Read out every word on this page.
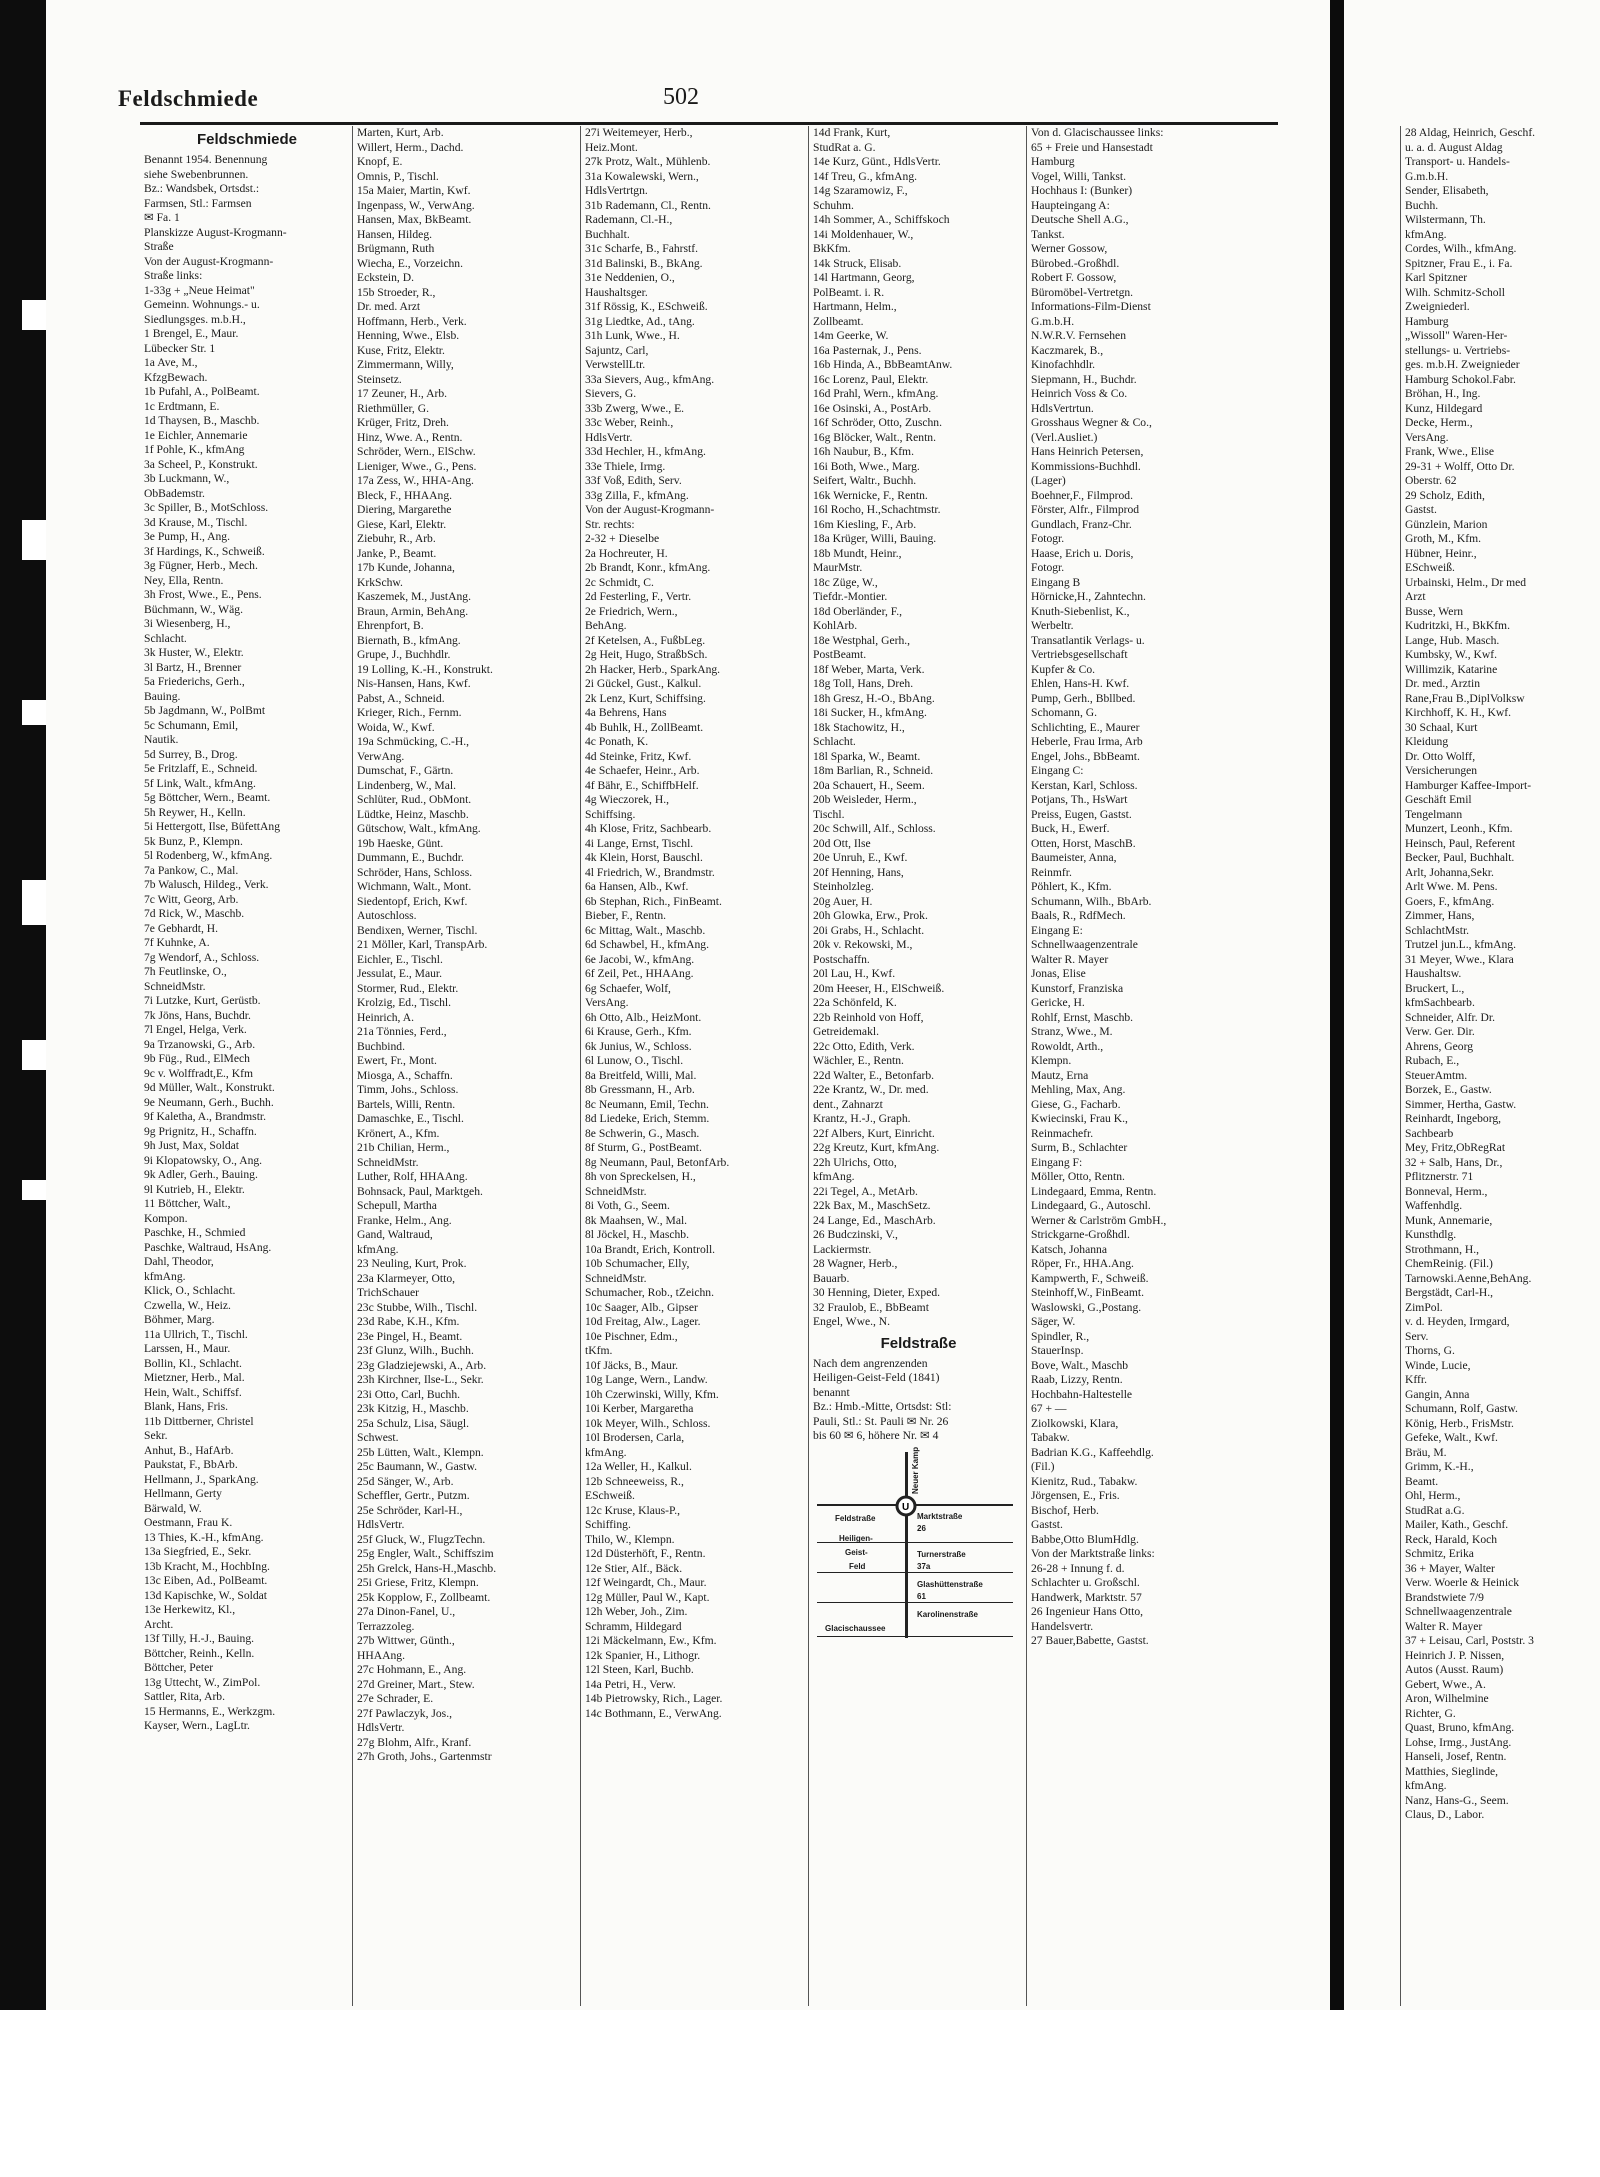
Feldschmiede	502

Feldschmiede

Benannt 1954. Benennung

siehe Swebenbrunnen.

Bz.: Wandsbek, Ortsdst.:

Farmsen, Stl.: Farmsen

✉ Fa. 1

Planskizze August-Krogmann-

Straße

Von der August-Krogmann-

Straße links:

1-33g + „Neue Heimat"

Gemeinn. Wohnungs.- u.

Siedlungsges. m.b.H.,

1 Brengel, E., Maur.

Lübecker Str. 1

1a Ave, M.,

KfzgBewach.

1b Pufahl, A., PolBeamt.

1c Erdtmann, E.

1d Thaysen, B., Maschb.

1e Eichler, Annemarie

1f Pohle, K., kfmAng

3a Scheel, P., Konstrukt.

3b Luckmann, W.,

ObBademstr.

3c Spiller, B., MotSchloss.

3d Krause, M., Tischl.

3e Pump, H., Ang.

3f Hardings, K., Schweiß.

3g Fügner, Herb., Mech.

Ney, Ella, Rentn.

3h Frost, Wwe., E., Pens.

Büchmann, W., Wäg.

3i Wiesenberg, H.,

Schlacht.

3k Huster, W., Elektr.

3l Bartz, H., Brenner

5a Friederichs, Gerh.,

Bauing.

5b Jagdmann, W., PolBmt

5c Schumann, Emil,

Nautik.

5d Surrey, B., Drog.

5e Fritzlaff, E., Schneid.

5f Link, Walt., kfmAng.

5g Böttcher, Wern., Beamt.

5h Reywer, H., Kelln.

5i Hettergott, Ilse, BüfettAng

5k Bunz, P., Klempn.

5l Rodenberg, W., kfmAng.

7a Pankow, C., Mal.

7b Walusch, Hildeg., Verk.

7c Witt, Georg, Arb.

7d Rick, W., Maschb.

7e Gebhardt, H.

7f Kuhnke, A.

7g Wendorf, A., Schloss.

7h Feutlinske, O.,

SchneidMstr.

7i Lutzke, Kurt, Gerüstb.

7k Jöns, Hans, Buchdr.

7l Engel, Helga, Verk.

9a Trzanowski, G., Arb.

9b Füg., Rud., ElMech

9c v. Wolffradt,E., Kfm

9d Müller, Walt., Konstrukt.

9e Neumann, Gerh., Buchh.

9f Kaletha, A., Brandmstr.

9g Prignitz, H., Schaffn.

9h Just, Max, Soldat

9i Klopatowsky, O., Ang.

9k Adler, Gerh., Bauing.

9l Kutrieb, H., Elektr.

11 Böttcher, Walt.,

Kompon.

Paschke, H., Schmied

Paschke, Waltraud, HsAng.

Dahl, Theodor,

kfmAng.

Klick, O., Schlacht.

Czwella, W., Heiz.

Böhmer, Marg.

11a Ullrich, T., Tischl.

Larssen, H., Maur.

Bollin, Kl., Schlacht.

Mietzner, Herb., Mal.

Hein, Walt., Schiffsf.

Blank, Hans, Fris.

11b Dittberner, Christel

Sekr.

Anhut, B., HafArb.

Paukstat, F., BbArb.

Hellmann, J., SparkAng.

Hellmann, Gerty

Bärwald, W.

Oestmann, Frau K.

13 Thies, K.-H., kfmAng.

13a Siegfried, E., Sekr.

13b Kracht, M., HochbIng.

13c Eiben, Ad., PolBeamt.

13d Kapischke, W., Soldat

13e Herkewitz, Kl.,

Archt.

13f Tilly, H.-J., Bauing.

Böttcher, Reinh., Kelln.

Böttcher, Peter

13g Uttecht, W., ZimPol.

Sattler, Rita, Arb.

15 Hermanns, E., Werkzgm.

Kayser, Wern., LagLtr.

Marten, Kurt, Arb.

Willert, Herm., Dachd.

Knopf, E.

Omnis, P., Tischl.

15a Maier, Martin, Kwf.

Ingenpass, W., VerwAng.

Hansen, Max, BkBeamt.

Hansen, Hildeg.

Brügmann, Ruth

Wiecha, E., Vorzeichn.

Eckstein, D.

15b Stroeder, R.,

Dr. med. Arzt

Hoffmann, Herb., Verk.

Henning, Wwe., Elsb.

Kuse, Fritz, Elektr.

Zimmermann, Willy,

Steinsetz.

17 Zeuner, H., Arb.

Riethmüller, G.

Krüger, Fritz, Dreh.

Hinz, Wwe. A., Rentn.

Schröder, Wern., ElSchw.

Lieniger, Wwe., G., Pens.

17a Zess, W., HHA-Ang.

Bleck, F., HHAAng.

Diering, Margarethe

Giese, Karl, Elektr.

Ziebuhr, R., Arb.

Janke, P., Beamt.

17b Kunde, Johanna,

KrkSchw.

Kaszemek, M., JustAng.

Braun, Armin, BehAng.

Ehrenpfort, B.

Biernath, B., kfmAng.

Grupe, J., Buchhdlr.

19 Lolling, K.-H., Konstrukt.

Nis-Hansen, Hans, Kwf.

Pabst, A., Schneid.

Krieger, Rich., Fernm.

Woida, W., Kwf.

19a Schmücking, C.-H.,

VerwAng.

Dumschat, F., Gärtn.

Lindenberg, W., Mal.

Schlüter, Rud., ObMont.

Lüdtke, Heinz, Maschb.

Gütschow, Walt., kfmAng.

19b Haeske, Günt.

Dummann, E., Buchdr.

Schröder, Hans, Schloss.

Wichmann, Walt., Mont.

Siedentopf, Erich, Kwf.

Autoschloss.

Bendixen, Werner, Tischl.

21 Möller, Karl, TranspArb.

Eichler, E., Tischl.

Jessulat, E., Maur.

Stormer, Rud., Elektr.

Krolzig, Ed., Tischl.

Heinrich, A.

21a Tönnies, Ferd.,

Buchbind.

Ewert, Fr., Mont.

Miosga, A., Schaffn.

Timm, Johs., Schloss.

Bartels, Willi, Rentn.

Damaschke, E., Tischl.

Krönert, A., Kfm.

21b Chilian, Herm.,

SchneidMstr.

Luther, Rolf, HHAAng.

Bohnsack, Paul, Marktgeh.

Schepull, Martha

Franke, Helm., Ang.

Gand, Waltraud,

kfmAng.

23 Neuling, Kurt, Prok.

23a Klarmeyer, Otto,

TrichSchauer

23c Stubbe, Wilh., Tischl.

23d Rabe, K.H., Kfm.

23e Pingel, H., Beamt.

23f Glunz, Wilh., Buchh.

23g Gladziejewski, A., Arb.

23h Kirchner, Ilse-L., Sekr.

23i Otto, Carl, Buchh.

23k Kitzig, H., Maschb.

25a Schulz, Lisa, Säugl.

Schwest.

25b Lütten, Walt., Klempn.

25c Baumann, W., Gastw.

25d Sänger, W., Arb.

Scheffler, Gertr., Putzm.

25e Schröder, Karl-H.,

HdlsVertr.

25f Gluck, W., FlugzTechn.

25g Engler, Walt., Schiffszim

25h Grelck, Hans-H.,Maschb.

25i Griese, Fritz, Klempn.

25k Kopplow, F., Zollbeamt.

27a Dinon-Fanel, U.,

Terrazzoleg.

27b Wittwer, Günth.,

HHAAng.

27c Hohmann, E., Ang.

27d Greiner, Mart., Stew.

27e Schrader, E.

27f Pawlaczyk, Jos.,

HdlsVertr.

27g Blohm, Alfr., Kranf.

27h Groth, Johs., Gartenmstr

27i Weitemeyer, Herb.,

Heiz.Mont.

27k Protz, Walt., Mühlenb.

31a Kowalewski, Wern.,

HdlsVertrtgn.

31b Rademann, Cl., Rentn.

Rademann, Cl.-H.,

Buchhalt.

31c Scharfe, B., Fahrstf.

31d Balinski, B., BkAng.

31e Neddenien, O.,

Haushaltsger.

31f Rössig, K., ESchweiß.

31g Liedtke, Ad., tAng.

31h Lunk, Wwe., H.

Sajuntz, Carl,

VerwstellLtr.

33a Sievers, Aug., kfmAng.

Sievers, G.

33b Zwerg, Wwe., E.

33c Weber, Reinh.,

HdlsVertr.

33d Hechler, H., kfmAng.

33e Thiele, Irmg.

33f Voß, Edith, Serv.

33g Zilla, F., kfmAng.

Von der August-Krogmann-

Str. rechts:

2-32 + Dieselbe

2a Hochreuter, H.

2b Brandt, Konr., kfmAng.

2c Schmidt, C.

2d Festerling, F., Vertr.

2e Friedrich, Wern.,

BehAng.

2f Ketelsen, A., FußbLeg.

2g Heit, Hugo, StraßbSch.

2h Hacker, Herb., SparkAng.

2i Gückel, Gust., Kalkul.

2k Lenz, Kurt, Schiffsing.

4a Behrens, Hans

4b Buhlk, H., ZollBeamt.

4c Ponath, K.

4d Steinke, Fritz, Kwf.

4e Schaefer, Heinr., Arb.

4f Bähr, E., SchiffbHelf.

4g Wieczorek, H.,

Schiffsing.

4h Klose, Fritz, Sachbearb.

4i Lange, Ernst, Tischl.

4k Klein, Horst, Bauschl.

4l Friedrich, W., Brandmstr.

6a Hansen, Alb., Kwf.

6b Stephan, Rich., FinBeamt.

Bieber, F., Rentn.

6c Mittag, Walt., Maschb.

6d Schawbel, H., kfmAng.

6e Jacobi, W., kfmAng.

6f Zeil, Pet., HHAAng.

6g Schaefer, Wolf,

VersAng.

6h Otto, Alb., HeizMont.

6i Krause, Gerh., Kfm.

6k Junius, W., Schloss.

6l Lunow, O., Tischl.

8a Breitfeld, Willi, Mal.

8b Gressmann, H., Arb.

8c Neumann, Emil, Techn.

8d Liedeke, Erich, Stemm.

8e Schwerin, G., Masch.

8f Sturm, G., PostBeamt.

8g Neumann, Paul, BetonfArb.

8h von Spreckelsen, H.,

SchneidMstr.

8i Voth, G., Seem.

8k Maahsen, W., Mal.

8l Jöckel, H., Maschb.

10a Brandt, Erich, Kontroll.

10b Schumacher, Elly,

SchneidMstr.

Schumacher, Rob., tZeichn.

10c Saager, Alb., Gipser

10d Freitag, Alw., Lager.

10e Pischner, Edm.,

tKfm.

10f Jäcks, B., Maur.

10g Lange, Wern., Landw.

10h Czerwinski, Willy, Kfm.

10i Kerber, Margaretha

10k Meyer, Wilh., Schloss.

10l Brodersen, Carla,

kfmAng.

12a Weller, H., Kalkul.

12b Schneeweiss, R.,

ESchweiß.

12c Kruse, Klaus-P.,

Schiffing.

Thilo, W., Klempn.

12d Düsterhöft, F., Rentn.

12e Stier, Alf., Bäck.

12f Weingardt, Ch., Maur.

12g Müller, Paul W., Kapt.

12h Weber, Joh., Zim.

Schramm, Hildegard

12i Mäckelmann, Ew., Kfm.

12k Spanier, H., Lithogr.

12l Steen, Karl, Buchb.

14a Petri, H., Verw.

14b Pietrowsky, Rich., Lager.

14c Bothmann, E., VerwAng.

14d Frank, Kurt,

StudRat a. G.

14e Kurz, Günt., HdlsVertr.

14f Treu, G., kfmAng.

14g Szaramowiz, F.,

Schuhm.

14h Sommer, A., Schiffskoch

14i Moldenhauer, W.,

BkKfm.

14k Struck, Elisab.

14l Hartmann, Georg,

PolBeamt. i. R.

Hartmann, Helm.,

Zollbeamt.

14m Geerke, W.

16a Pasternak, J., Pens.

16b Hinda, A., BbBeamtAnw.

16c Lorenz, Paul, Elektr.

16d Prahl, Wern., kfmAng.

16e Osinski, A., PostArb.

16f Schröder, Otto, Zuschn.

16g Blöcker, Walt., Rentn.

16h Naubur, B., Kfm.

16i Both, Wwe., Marg.

Seifert, Waltr., Buchh.

16k Wernicke, F., Rentn.

16l Rocho, H.,Schachtmstr.

16m Kiesling, F., Arb.

18a Krüger, Willi, Bauing.

18b Mundt, Heinr.,

MaurMstr.

18c Züge, W.,

Tiefdr.-Montier.

18d Oberländer, F.,

KohlArb.

18e Westphal, Gerh.,

PostBeamt.

18f Weber, Marta, Verk.

18g Toll, Hans, Dreh.

18h Gresz, H.-O., BbAng.

18i Sucker, H., kfmAng.

18k Stachowitz, H.,

Schlacht.

18l Sparka, W., Beamt.

18m Barlian, R., Schneid.

20a Schauert, H., Seem.

20b Weisleder, Herm.,

Tischl.

20c Schwill, Alf., Schloss.

20d Ott, Ilse

20e Unruh, E., Kwf.

20f Henning, Hans,

Steinholzleg.

20g Auer, H.

20h Glowka, Erw., Prok.

20i Grabs, H., Schlacht.

20k v. Rekowski, M.,

Postschaffn.

20l Lau, H., Kwf.

20m Heeser, H., ElSchweiß.

22a Schönfeld, K.

22b Reinhold von Hoff,

Getreidemakl.

22c Otto, Edith, Verk.

Wächler, E., Rentn.

22d Walter, E., Betonfarb.

22e Krantz, W., Dr. med.

dent., Zahnarzt

Krantz, H.-J., Graph.

22f Albers, Kurt, Einricht.

22g Kreutz, Kurt, kfmAng.

22h Ulrichs, Otto,

kfmAng.

22i Tegel, A., MetArb.

22k Bax, M., MaschSetz.

24 Lange, Ed., MaschArb.

26 Budczinski, V.,

Lackiermstr.

28 Wagner, Herb.,

Bauarb.

30 Henning, Dieter, Exped.

32 Fraulob, E., BbBeamt

Engel, Wwe., N.

Feldstraße

Nach dem angrenzenden

Heiligen-Geist-Feld (1841)

benannt

Bz.: Hmb.-Mitte, Ortsdst: Stl:

Pauli, Stl.: St. Pauli ✉ Nr. 26

bis 60 ✉ 6, höhere Nr. ✉ 4

U
Neuer Kamp
Feldstraße
Heiligen-
Geist-
Feld
Marktstraße
26
Turnerstraße
37a
Glashüttenstraße
61
Karolinenstraße
Glacischaussee

Von d. Glacischaussee links:

65 + Freie und Hansestadt

Hamburg

Vogel, Willi, Tankst.

Hochhaus I: (Bunker)

Haupteingang A:

Deutsche Shell A.G.,

Tankst.

Werner Gossow,

Bürobed.-Großhdl.

Robert F. Gossow,

Büromöbel-Vertretgn.

Informations-Film-Dienst

G.m.b.H.

N.W.R.V. Fernsehen

Kaczmarek, B.,

Kinofachhdlr.

Siepmann, H., Buchdr.

Heinrich Voss & Co.

HdlsVertrtun.

Grosshaus Wegner & Co.,

(Verl.Ausliet.)

Hans Heinrich Petersen,

Kommissions-Buchhdl.

(Lager)

Boehner,F., Filmprod.

Förster, Alfr., Filmprod

Gundlach, Franz-Chr.

Fotogr.

Haase, Erich u. Doris,

Fotogr.

Eingang B

Hörnicke,H., Zahntechn.

Knuth-Siebenlist, K.,

Werbeltr.

Transatlantik Verlags- u.

Vertriebsgesellschaft

Kupfer & Co.

Ehlen, Hans-H. Kwf.

Pump, Gerh., Bbllbed.

Schomann, G.

Schlichting, E., Maurer

Heberle, Frau Irma, Arb

Engel, Johs., BbBeamt.

Eingang C:

Kerstan, Karl, Schloss.

Potjans, Th., HsWart

Preiss, Eugen, Gastst.

Buck, H., Ewerf.

Otten, Horst, MaschB.

Baumeister, Anna,

Reinmfr.

Pöhlert, K., Kfm.

Schumann, Wilh., BbArb.

Baals, R., RdfMech.

Eingang E:

Schnellwaagenzentrale

Walter R. Mayer

Jonas, Elise

Kunstorf, Franziska

Gericke, H.

Rohlf, Ernst, Maschb.

Stranz, Wwe., M.

Rowoldt, Arth.,

Klempn.

Mautz, Erna

Mehling, Max, Ang.

Giese, G., Facharb.

Kwiecinski, Frau K.,

Reinmachefr.

Surm, B., Schlachter

Eingang F:

Möller, Otto, Rentn.

Lindegaard, Emma, Rentn.

Lindegaard, G., Autoschl.

Werner & Carlström GmbH.,

Strickgarne-Großhdl.

Katsch, Johanna

Röper, Fr., HHA.Ang.

Kampwerth, F., Schweiß.

Steinhoff,W., FinBeamt.

Waslowski, G.,Postang.

Säger, W.

Spindler, R.,

StauerInsp.

Bove, Walt., Maschb

Raab, Lizzy, Rentn.

Hochbahn-Haltestelle

67 + —

Ziolkowski, Klara,

Tabakw.

Badrian K.G., Kaffeehdlg.

(Fil.)

Kienitz, Rud., Tabakw.

Jörgensen, E., Fris.

Bischof, Herb.

Gastst.

Babbe,Otto BlumHdlg.

Von der Marktstraße links:

26-28 + Innung f. d.

Schlachter u. Großschl.

Handwerk, Marktstr. 57

26 Ingenieur Hans Otto,

Handelsvertr.

27 Bauer,Babette, Gastst.

28 Aldag, Heinrich, Geschf.

u. a. d. August Aldag

Transport- u. Handels-

G.m.b.H.

Sender, Elisabeth,

Buchh.

Wilstermann, Th.

kfmAng.

Cordes, Wilh., kfmAng.

Spitzner, Frau E., i. Fa.

Karl Spitzner

Wilh. Schmitz-Scholl

Zweigniederl.

Hamburg

„Wissoll" Waren-Her-

stellungs- u. Vertriebs-

ges. m.b.H. Zweignieder

Hamburg Schokol.Fabr.

Bröhan, H., Ing.

Kunz, Hildegard

Decke, Herm.,

VersAng.

Frank, Wwe., Elise

29-31 + Wolff, Otto Dr.

Oberstr. 62

29 Scholz, Edith,

Gastst.

Günzlein, Marion

Groth, M., Kfm.

Hübner, Heinr.,

ESchweiß.

Urbainski, Helm., Dr med

Arzt

Busse, Wern

Kudritzki, H., BkKfm.

Lange, Hub. Masch.

Kumbsky, W., Kwf.

Willimzik, Katarine

Dr. med., Arztin

Rane,Frau B.,DiplVolksw

Kirchhoff, K. H., Kwf.

30 Schaal, Kurt

Kleidung

Dr. Otto Wolff,

Versicherungen

Hamburger Kaffee-Import-

Geschäft Emil

Tengelmann

Munzert, Leonh., Kfm.

Heinsch, Paul, Referent

Becker, Paul, Buchhalt.

Arlt, Johanna,Sekr.

Arlt Wwe. M. Pens.

Goers, F., kfmAng.

Zimmer, Hans,

SchlachtMstr.

Trutzel jun.L., kfmAng.

31 Meyer, Wwe., Klara

Haushaltsw.

Bruckert, L.,

kfmSachbearb.

Schneider, Alfr. Dr.

Verw. Ger. Dir.

Ahrens, Georg

Rubach, E.,

SteuerAmtm.

Borzek, E., Gastw.

Simmer, Hertha, Gastw.

Reinhardt, Ingeborg,

Sachbearb

Mey, Fritz,ObRegRat

32 + Salb, Hans, Dr.,

Pflitznerstr. 71

Bonneval, Herm.,

Waffenhdlg.

Munk, Annemarie,

Kunsthdlg.

Strothmann, H.,

ChemReinig. (Fil.)

Tarnowski.Aenne,BehAng.

Bergstädt, Carl-H.,

ZimPol.

v. d. Heyden, Irmgard,

Serv.

Thorns, G.

Winde, Lucie,

Kffr.

Gangin, Anna

Schumann, Rolf, Gastw.

König, Herb., FrisMstr.

Gefeke, Walt., Kwf.

Bräu, M.

Grimm, K.-H.,

Beamt.

Ohl, Herm.,

StudRat a.G.

Mailer, Kath., Geschf.

Reck, Harald, Koch

Schmitz, Erika

36 + Mayer, Walter

Verw. Woerle & Heinick

Brandstwiete 7/9

Schnellwaagenzentrale

Walter R. Mayer

37 + Leisau, Carl, Poststr. 3

Heinrich J. P. Nissen,

Autos (Ausst. Raum)

Gebert, Wwe., A.

Aron, Wilhelmine

Richter, G.

Quast, Bruno, kfmAng.

Lohse, Irmg., JustAng.

Hanseli, Josef, Rentn.

Matthies, Sieglinde,

kfmAng.

Nanz, Hans-G., Seem.

Claus, D., Labor.
